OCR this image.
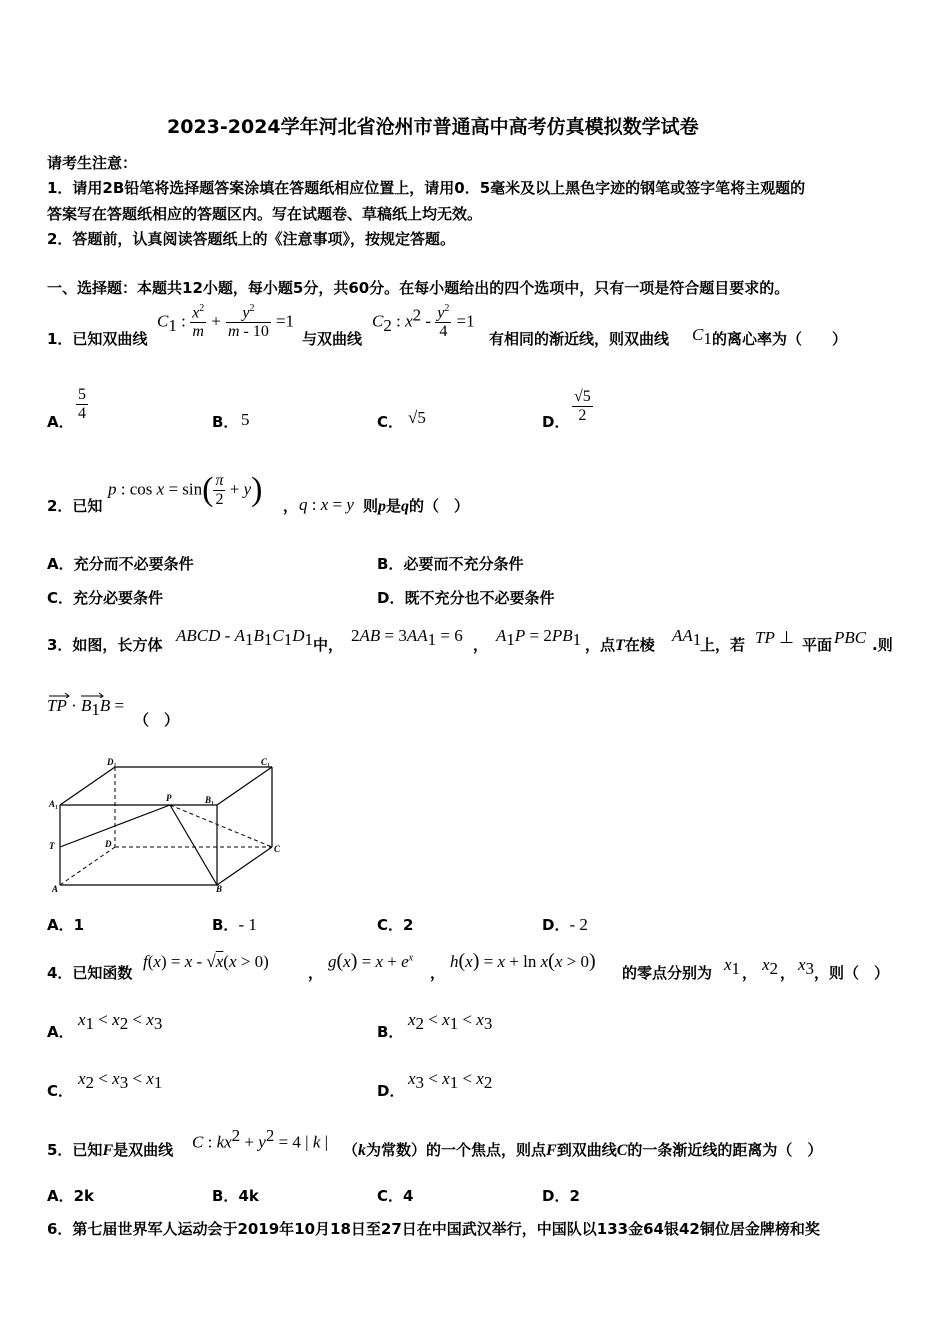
2023-2024学年河北省沧州市普通高中高考仿真模拟数学试卷
请考生注意：
1．请用2B铅笔将选择题答案涂填在答题纸相应位置上，请用0．5毫米及以上黑色字迹的钢笔或签字笔将主观题的
答案写在答题纸相应的答题区内。写在试题卷、草稿纸上均无效。
2．答题前，认真阅读答题纸上的《注意事项》，按规定答题。
一、选择题：本题共12小题，每小题5分，共60分。在每小题给出的四个选项中，只有一项是符合题目要求的。
1．已知双曲线
$C_1$ : $\frac{x^2}{m} + \frac{y^2}{m - 10} =1$
与双曲线
$C_2$ : $x^2 - \frac{y^2}{4} =1$
有相同的渐近线，则双曲线 $C_1$ 的离心率为（　　）
A． $\frac{5}{4}$	B． 5	C． √5	D． $\frac{√5}{2}$
2．已知
p : $\cos x = \sin( \frac{\pi}{2} + y)$ ， q : x = y 则p是q的（　）
A．充分而不必要条件	B．必要而不充分条件
C．充分必要条件	D．既不充分也不必要条件
3．如图，长方体 ABCD - $A_1B_1C_1D_1$ 中， $2AB = 3AA_1 = 6$ ， $A_1P = 2PB_1$ ，点T在棱 $AA_1$
上，若 TP ⊥ 平面 PBC .则
TP · $B_1B$ =
（　）
D₁	C₁
A₁
P	B₁
T	D	C
A	B
A．1	B．- 1	C．2	D．- 2
4．已知函数
f(x) = x - √x(x > 0)
，
$g(x) = x + e^x$
，
h(x) = x + ln x(x > 0)
的零点分别为 $x_1$ ， $x_2$ ， $x_3$ ，则（　）
A．
$x_1 < x_2 < x_3$	B．
$x_2 < x_1 < x_3$
C．
$x_2 < x_3 < x_1$	D．
$x_3 < x_1 < x_2$
5．已知F是双曲线 C : $kx^2 + y^2 = 4$ | k | （k为常数）的一个焦点，则点F到双曲线C的一条渐近线的距离为（　）
A．2k	B．4k	C．4	D．2
6．第七届世界军人运动会于2019年10月18日至27日在中国武汉举行，中国队以133金64银42铜位居金牌榜和奖
